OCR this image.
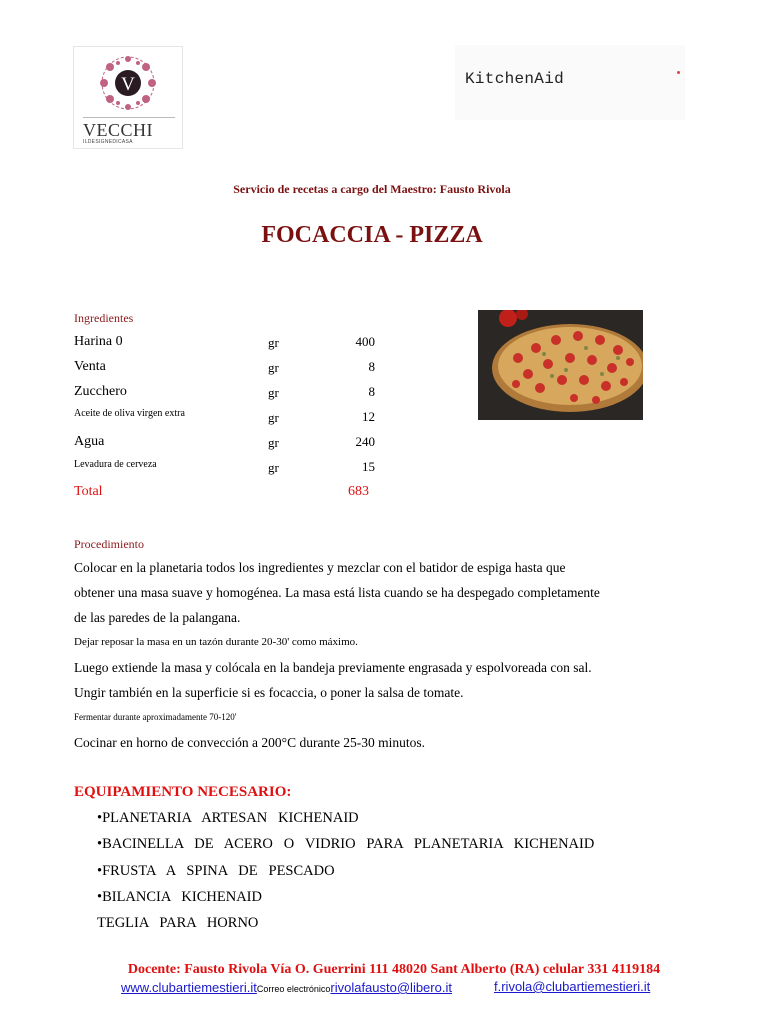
V
VECCHI
ILDESIGNEDICASA
KitchenAid
Servicio de recetas a cargo del Maestro: Fausto Rivola
FOCACCIA - PIZZA
Ingredientes
Harina 0	gr	400
Venta	gr	8
Zucchero	gr	8
Aceite de oliva virgen extra	gr	12
Agua	gr	240
Levadura de cerveza	gr	15
Total	683
Procedimiento
Colocar en la planetaria todos los ingredientes y mezclar con el batidor de espiga hasta que
obtener una masa suave y homogénea. La masa está lista cuando se ha despegado completamente
de las paredes de la palangana.
Dejar reposar la masa en un tazón durante 20-30' como máximo.
Luego extiende la masa y colócala en la bandeja previamente engrasada y espolvoreada con sal.
Ungir también en la superficie si es focaccia, o poner la salsa de tomate.
Fermentar durante aproximadamente 70-120'
Cocinar en horno de convección a 200°C durante 25-30 minutos.
EQUIPAMIENTO NECESARIO:
•PLANETARIA   ARTESAN   KICHENAID
•BACINELLA   DE   ACERO   O   VIDRIO   PARA   PLANETARIA   KICHENAID
•FRUSTA   A   SPINA   DE   PESCADO
•BILANCIA   KICHENAID
TEGLIA   PARA   HORNO
Docente: Fausto Rivola Vía O. Guerrini 111 48020 Sant Alberto (RA) celular 331 4119184
www.clubartiemestieri.itCorreo electrónicorivolafausto@libero.it	f.rivola@clubartiemestieri.it
